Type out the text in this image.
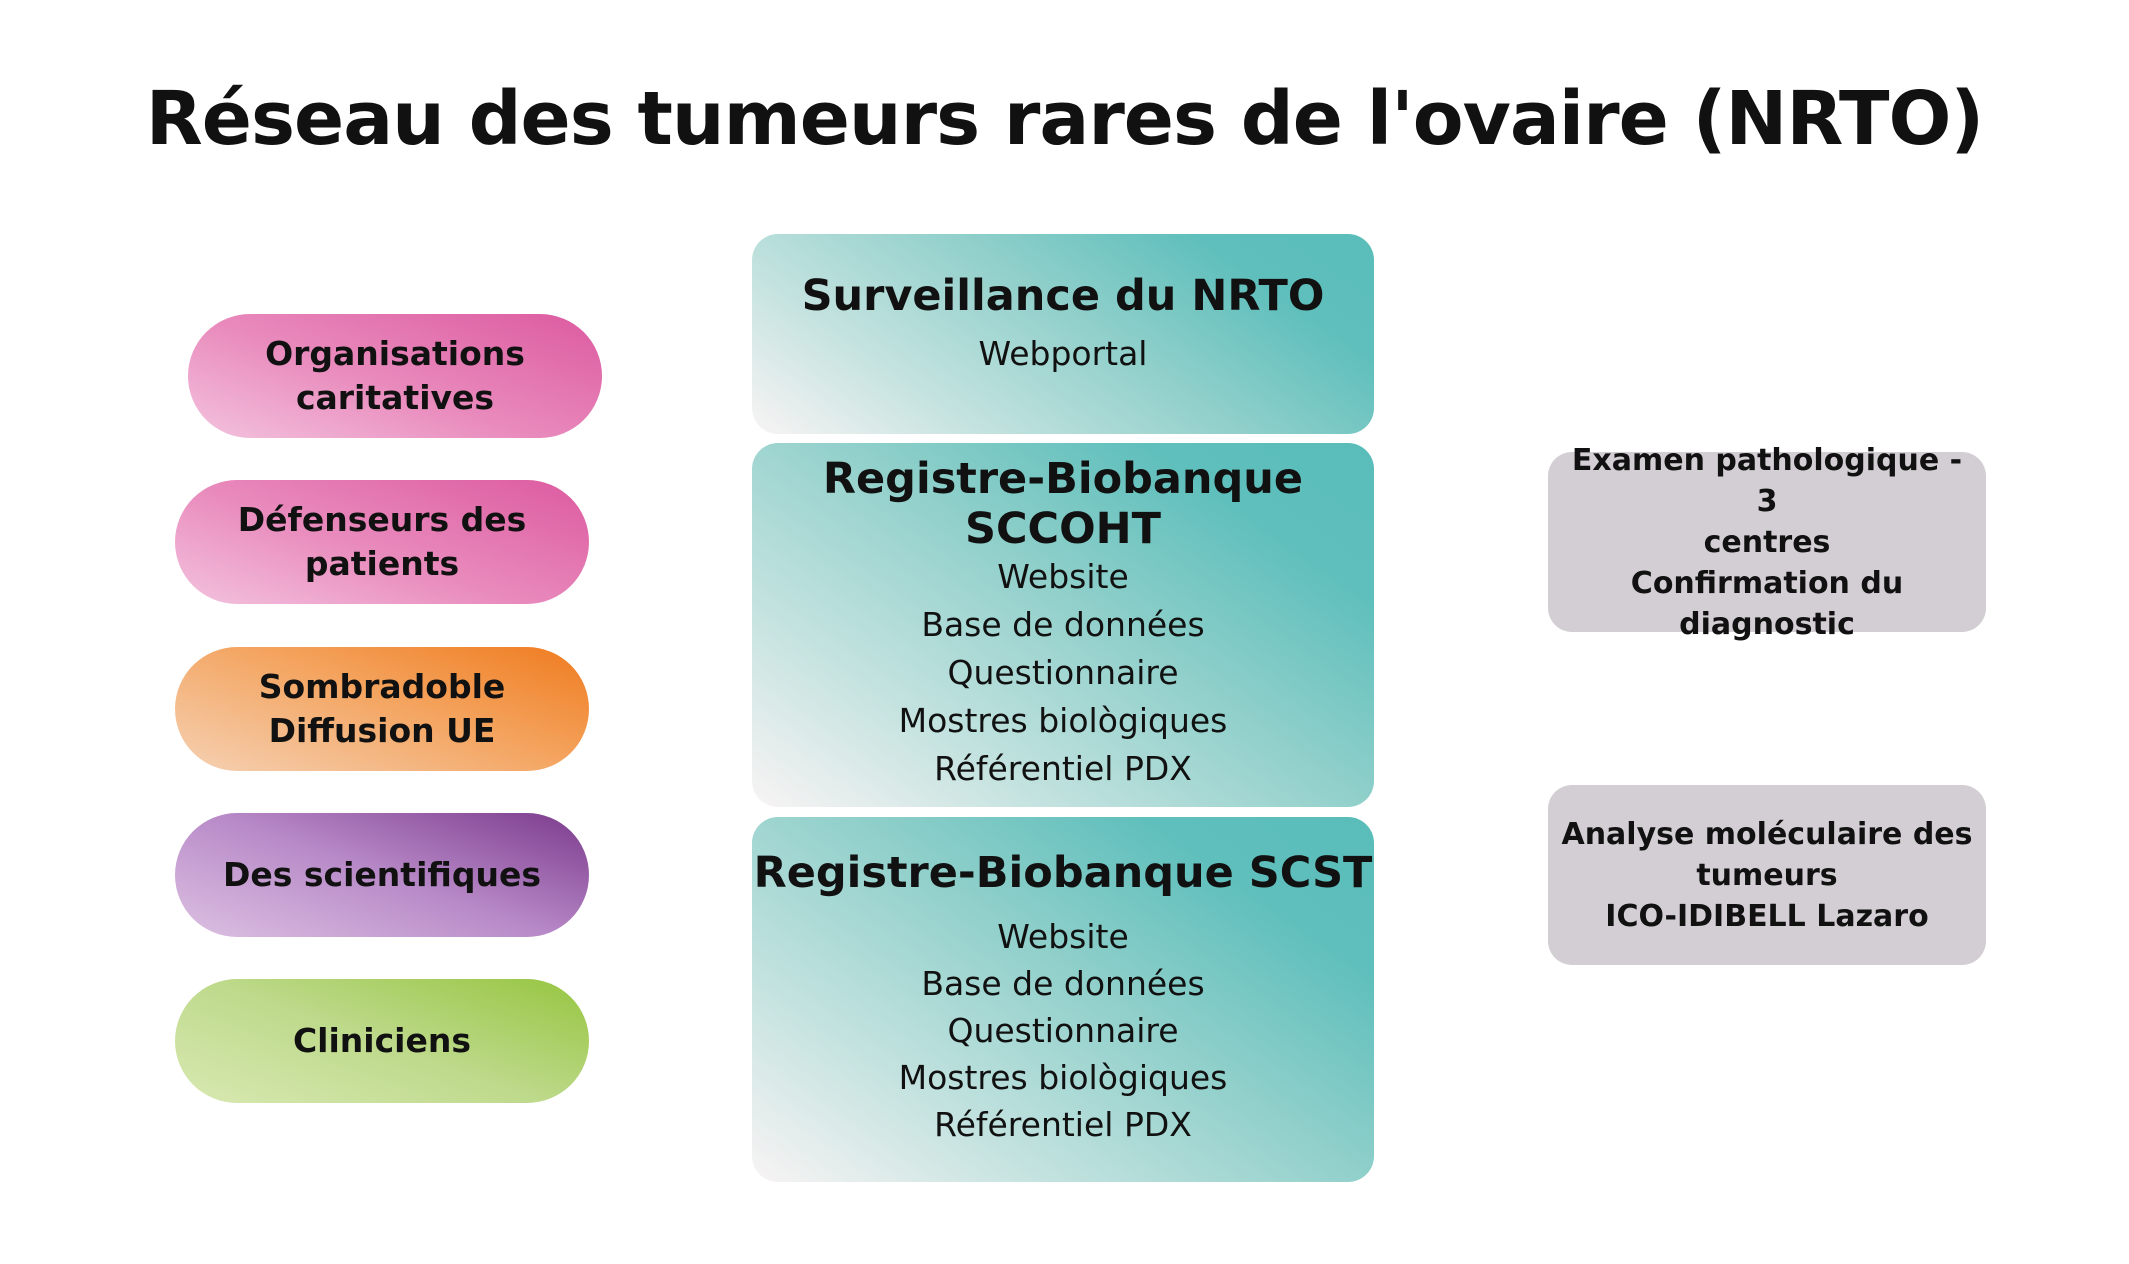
Réseau des tumeurs rares de l'ovaire (NRTO)
Organisations
caritatives
Défenseurs des
patients
Sombradoble
Diffusion UE
Des scientifiques
Cliniciens

Surveillance du NRTO

Webportal

Registre-Biobanque

SCCOHT

Website

Base de données

Questionnaire

Mostres biològiques

Référentiel PDX

Registre-Biobanque SCST

Website

Base de données

Questionnaire

Mostres biològiques

Référentiel PDX

Examen pathologique - 3
centres
Confirmation du
diagnostic
Analyse moléculaire des
tumeurs
ICO-IDIBELL Lazaro
